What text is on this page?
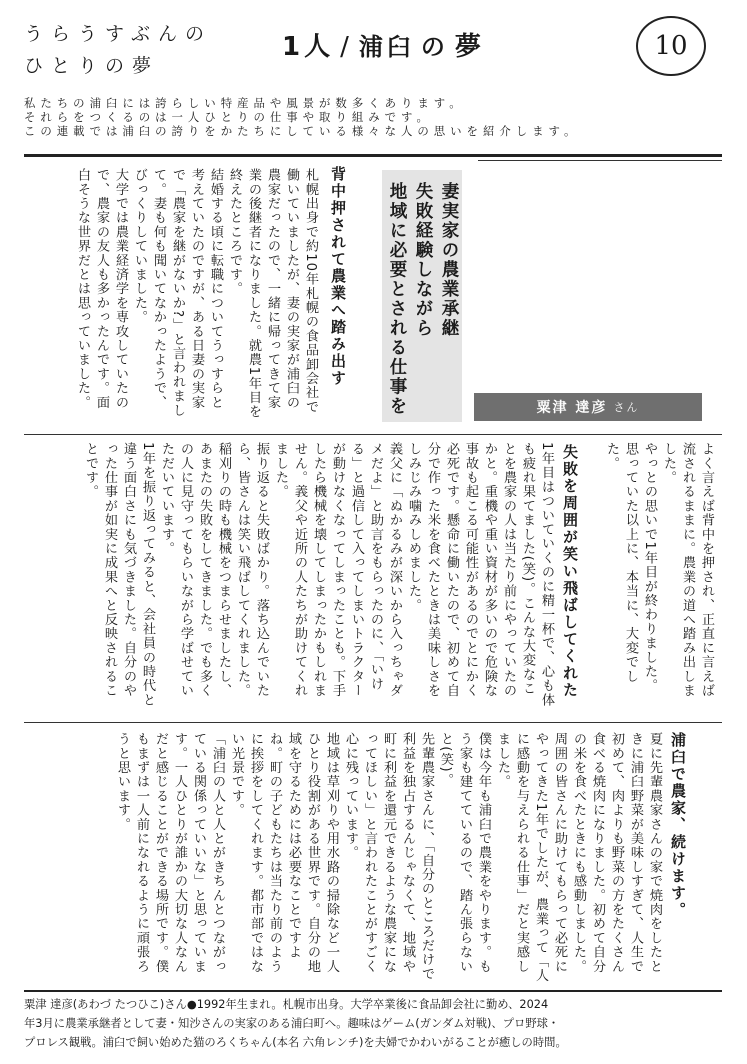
うらうすぶんの
ひとりの夢
1人 / 浦臼 の 夢	10
私たちの浦臼には誇らしい特産品や風景が数多くあります。
それらをつくるのは一人ひとりの仕事や取り組みです。
この連載では浦臼の誇りをかたちにしている様々な人の思いを紹介します。
妻実家の農業承継
失敗経験しながら
地域に必要とされる仕事を	粟津 達彦 さん
背中押されて農業へ踏み出す
札幌出身で約10年札幌の食品卸会社で働いていましたが、妻の実家が浦臼の農家だったので、一緒に帰ってきて家業の後継者になりました。就農1年目を終えたところです。
結婚する頃に転職についてうっすらと考えていたのですが、ある日妻の実家で「農家を継がないか?」と言われまして。妻も何も聞いてなかったようで、びっくりしていました。
大学では農業経済学を専攻していたので、農家の友人も多かったんです。面白そうな世界だとは思っていました。
よく言えば背中を押され、正直に言えば流されるままに。農業の道へ踏み出しました。
やっとの思いで1年目が終わりました。思っていた以上に、本当に、大変でした。
失敗を周囲が笑い飛ばしてくれた
1年目はついていくのに精一杯で、心も体も疲れ果てました(笑)。こんな大変なことを農家の人は当たり前にやっていたのかと。重機や重い資材が多いので危険な事故も起こる可能性があるのでとにかく必死です。懸命に働いたので、初めて自分で作った米を食べたときは美味しさをしみじみ噛みしめました。
義父に「ぬかるみが深いから入っちゃダメだよ」と助言をもらったのに、「いける」と過信して入ってしまいトラクターが動けなくなってしまったことも。下手したら機械を壊してしまったかもしれません。義父や近所の人たちが助けてくれました。
振り返ると失敗ばかり。落ち込んでいたら、皆さんは笑い飛ばしてくれました。
稲刈りの時も機械をつまらせましたし、あまたの失敗をしてきました。でも多くの人に見守ってもらいながら学ばせていただいています。
1年を振り返ってみると、会社員の時代と違う面白さにも気づきました。自分のやった仕事が如実に成果へと反映されることです。
浦臼で農家、続けます。
夏に先輩農家さんの家で焼肉をしたときに浦臼野菜が美味しすぎて、人生で初めて、肉よりも野菜の方をたくさん食べる焼肉になりました。初めて自分の米を食べたときにも感動しました。周囲の皆さんに助けてもらって必死にやってきた1年でしたが、農業って「人に感動を与えられる仕事」だと実感しました。
僕は今年も浦臼で農業をやります。もう家も建てているので、踏ん張らないと(笑)。
先輩農家さんに、「自分のところだけで利益を独占するんじゃなくて、地域や町に利益を還元できるような農家になってほしい」と言われたことがすごく心に残っています。
地域は草刈りや用水路の掃除など一人ひとり役割がある世界です。自分の地域を守るためには必要なことですよね。町の子どもたちは当たり前のように挨拶をしてくれます。都市部ではない光景です。
「浦臼の人と人とがきちんとつながっている関係っていいな」と思っています。一人ひとりが誰かの大切な人なんだと感じることができる場所です。僕もまずは一人前になれるように頑張ろうと思います。
粟津 達彦(あわづ たつひこ)さん●1992年生まれ。札幌市出身。大学卒業後に食品卸会社に勤め、2024
年3月に農業承継者として妻・知沙さんの実家のある浦臼町へ。趣味はゲーム(ガンダム対戦)、プロ野球・
プロレス観戦。浦臼で飼い始めた猫のろくちゃん(本名 六角レンチ)を夫婦でかわいがることが癒しの時間。
